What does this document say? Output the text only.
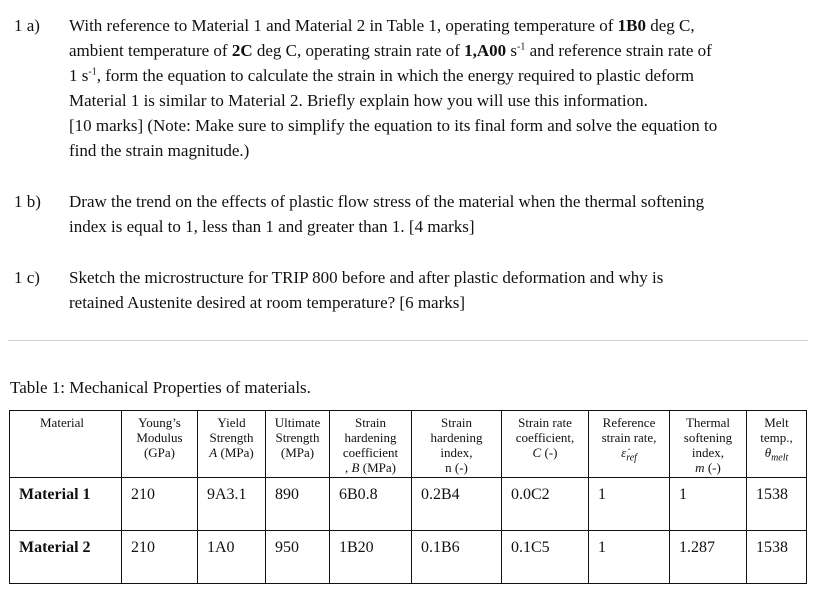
1 a) With reference to Material 1 and Material 2 in Table 1, operating temperature of 1B0 deg C,

ambient temperature of 2C deg C, operating strain rate of 1,A00 $s^{-1}$ and reference strain rate of

1 $s^{-1}$, form the equation to calculate the strain in which the energy required to plastic deform

Material 1 is similar to Material 2. Briefly explain how you will use this information.

[10 marks] (Note: Make sure to simplify the equation to its final form and solve the equation to

find the strain magnitude.)

1 b) Draw the trend on the effects of plastic flow stress of the material when the thermal softening

index is equal to 1, less than 1 and greater than 1. [4 marks]

1 c) Sketch the microstructure for TRIP 800 before and after plastic deformation and why is

retained Austenite desired at room temperature? [6 marks]

Table 1: Mechanical Properties of materials.
Material	Young’s
Modulus
(GPa)	Yield
Strength
A (MPa)	Ultimate
Strength
(MPa)	Strain
hardening
coefficient
, B (MPa)	Strain
hardening
index,
n (-)	Strain rate
coefficient,
C (-)	Reference
strain rate,
$\varepsiloṅ_{ref}$	Thermal
softening
index,
m (-)	Melt
temp.,
$\theta_{melt}$
Material 1	210	9A3.1	890	6B0.8	0.2B4	0.0C2	1	1	1538
Material 2	210	1A0	950	1B20	0.1B6	0.1C5	1	1.287	1538
